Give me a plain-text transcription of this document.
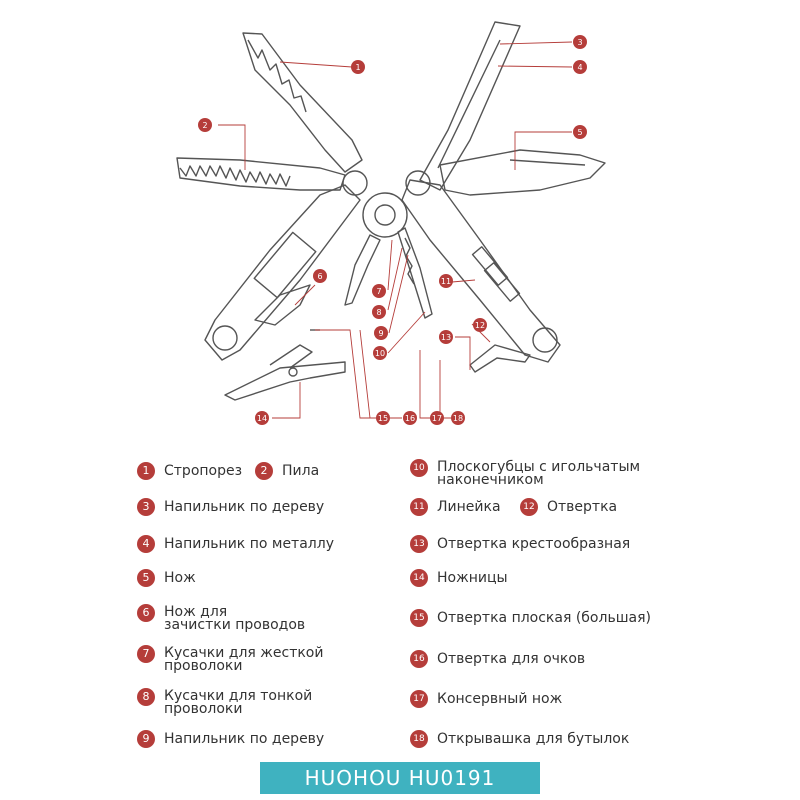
1
2
3
4
5
6
7
8
9
10
11
12
13
14	15 16 17 18
1	Стропорез	2	Пила
3	Напильник по дереву
4	Напильник по металлу
5	Нож
6	Нож для
зачистки проводов
7	Кусачки для жесткой
проволоки
8	Кусачки для тонкой
проволоки
9	Напильник по дереву
10 Плоскогубцы с игольчатым
наконечником
11 Линейка	12 Отвертка
13 Отвертка крестообразная
14 Ножницы
15 Отвертка плоская (большая)
16 Отвертка для очков
17 Консервный нож
18 Открывашка для бутылок
HUOHOU HU0191
